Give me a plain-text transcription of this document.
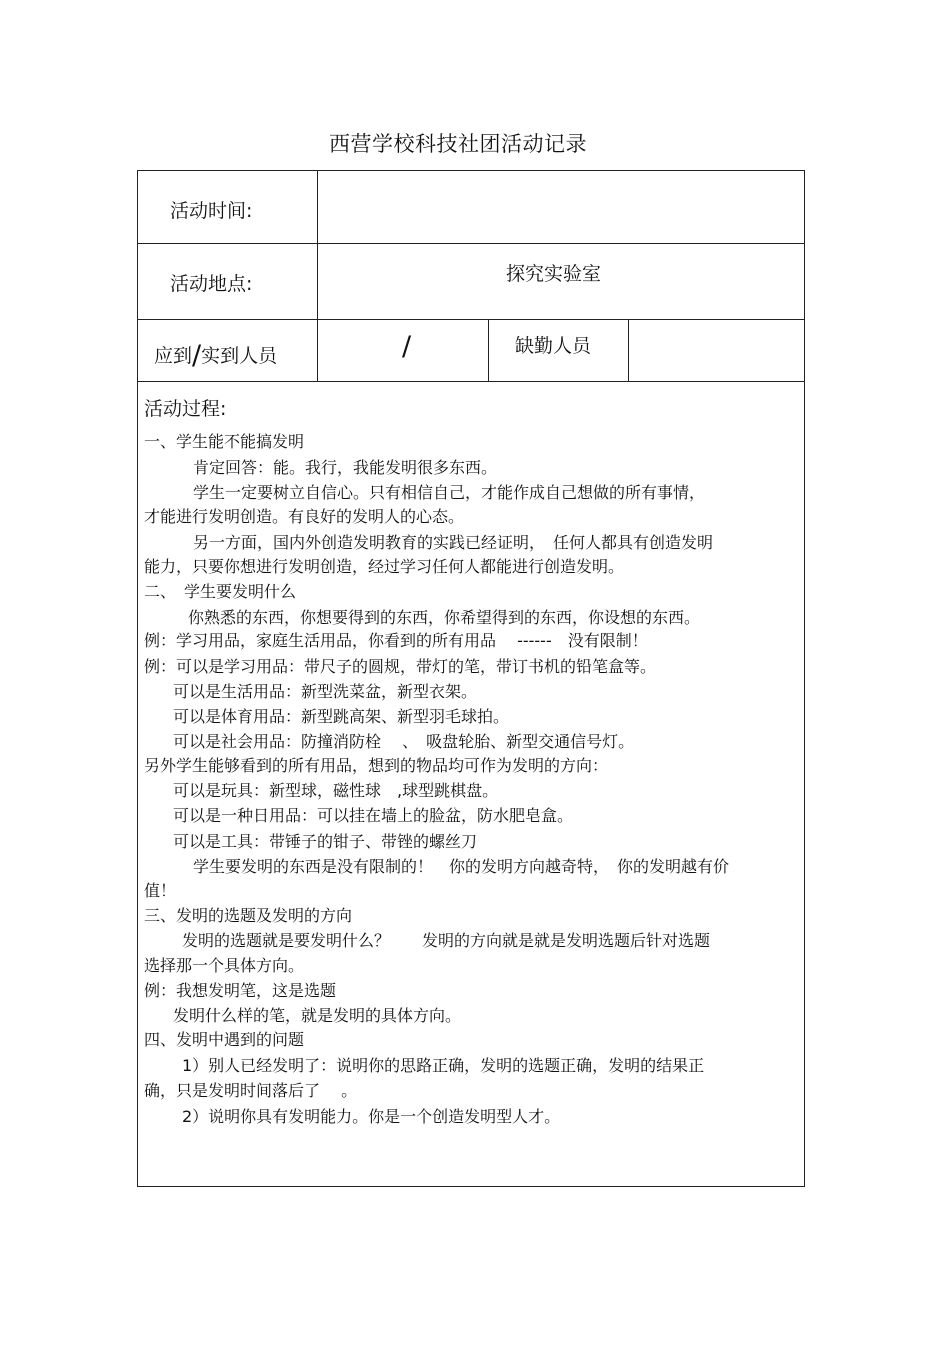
西营学校科技社团活动记录
活动时间:
活动地点:	探究实验室
应到/实到人员	/	缺勤人员
活动过程:
一、学生能不能搞发明
肯定回答：能。我行，我能发明很多东西。
学生一定要树立自信心。只有相信自己，才能作成自己想做的所有事情，
才能进行发明创造。有良好的发明人的心态。
另一方面，国内外创造发明教育的实践已经证明，　任何人都具有创造发明
能力，只要你想进行发明创造，经过学习任何人都能进行创造发明。
二、　学生要发明什么
你熟悉的东西，你想要得到的东西，你希望得到的东西，你设想的东西。
例：学习用品，家庭生活用品，你看到的所有用品　 ------　没有限制！
例：可以是学习用品：带尺子的圆规，带灯的笔，带订书机的铅笔盒等。
可以是生活用品：新型洗菜盆，新型衣架。
可以是体育用品：新型跳高架、新型羽毛球拍。
可以是社会用品：防撞消防栓　 、　吸盘轮胎、新型交通信号灯。
另外学生能够看到的所有用品，想到的物品均可作为发明的方向：
可以是玩具：新型球，磁性球　,球型跳棋盘。
可以是一种日用品：可以挂在墙上的脸盆，防水肥皂盒。
可以是工具：带锤子的钳子、带锉的螺丝刀
学生要发明的东西是没有限制的！　你的发明方向越奇特，　你的发明越有价
值！
三、发明的选题及发明的方向
发明的选题就是要发明什么？　　发明的方向就是就是发明选题后针对选题
选择那一个具体方向。
例：我想发明笔，这是选题
发明什么样的笔，就是发明的具体方向。
四、发明中遇到的问题
1）别人已经发明了：说明你的思路正确，发明的选题正确，发明的结果正
确，只是发明时间落后了　 。
2）说明你具有发明能力。你是一个创造发明型人才。
